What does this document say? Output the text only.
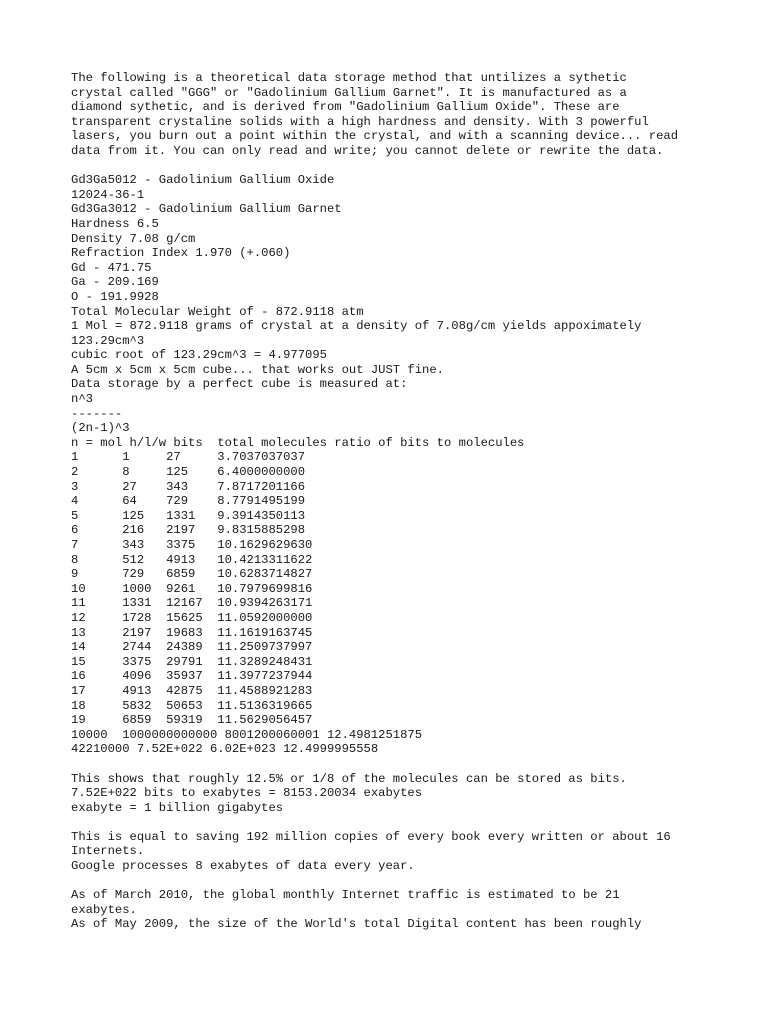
The following is a theoretical data storage method that untilizes a sythetic
crystal called "GGG" or "Gadolinium Gallium Garnet". It is manufactured as a
diamond sythetic, and is derived from "Gadolinium Gallium Oxide". These are
transparent crystaline solids with a high hardness and density. With 3 powerful
lasers, you burn out a point within the crystal, and with a scanning device... read
data from it. You can only read and write; you cannot delete or rewrite the data.
Gd3Ga5012 - Gadolinium Gallium Oxide
12024-36-1
Gd3Ga3012 - Gadolinium Gallium Garnet
Hardness 6.5
Density 7.08 g/cm
Refraction Index 1.970 (+.060)
Gd - 471.75
Ga - 209.169
O - 191.9928
Total Molecular Weight of - 872.9118 atm
1 Mol = 872.9118 grams of crystal at a density of 7.08g/cm yields appoximately
123.29cm^3
cubic root of 123.29cm^3 = 4.977095
A 5cm x 5cm x 5cm cube... that works out JUST fine.
Data storage by a perfect cube is measured at:
n^3
-------
(2n-1)^3
n = mol h/l/w bits  total molecules ratio of bits to molecules
1      1     27     3.7037037037
2      8     125    6.4000000000
3      27    343    7.8717201166
4      64    729    8.7791495199
5      125   1331   9.3914350113
6      216   2197   9.8315885298
7      343   3375   10.1629629630
8      512   4913   10.4213311622
9      729   6859   10.6283714827
10     1000  9261   10.7979699816
11     1331  12167  10.9394263171
12     1728  15625  11.0592000000
13     2197  19683  11.1619163745
14     2744  24389  11.2509737997
15     3375  29791  11.3289248431
16     4096  35937  11.3977237944
17     4913  42875  11.4588921283
18     5832  50653  11.5136319665
19     6859  59319  11.5629056457
10000  1000000000000 8001200060001 12.4981251875
42210000 7.52E+022 6.02E+023 12.4999995558
This shows that roughly 12.5% or 1/8 of the molecules can be stored as bits.
7.52E+022 bits to exabytes = 8153.20034 exabytes
exabyte = 1 billion gigabytes
This is equal to saving 192 million copies of every book every written or about 16
Internets.
Google processes 8 exabytes of data every year.
As of March 2010, the global monthly Internet traffic is estimated to be 21
exabytes.
As of May 2009, the size of the World's total Digital content has been roughly
